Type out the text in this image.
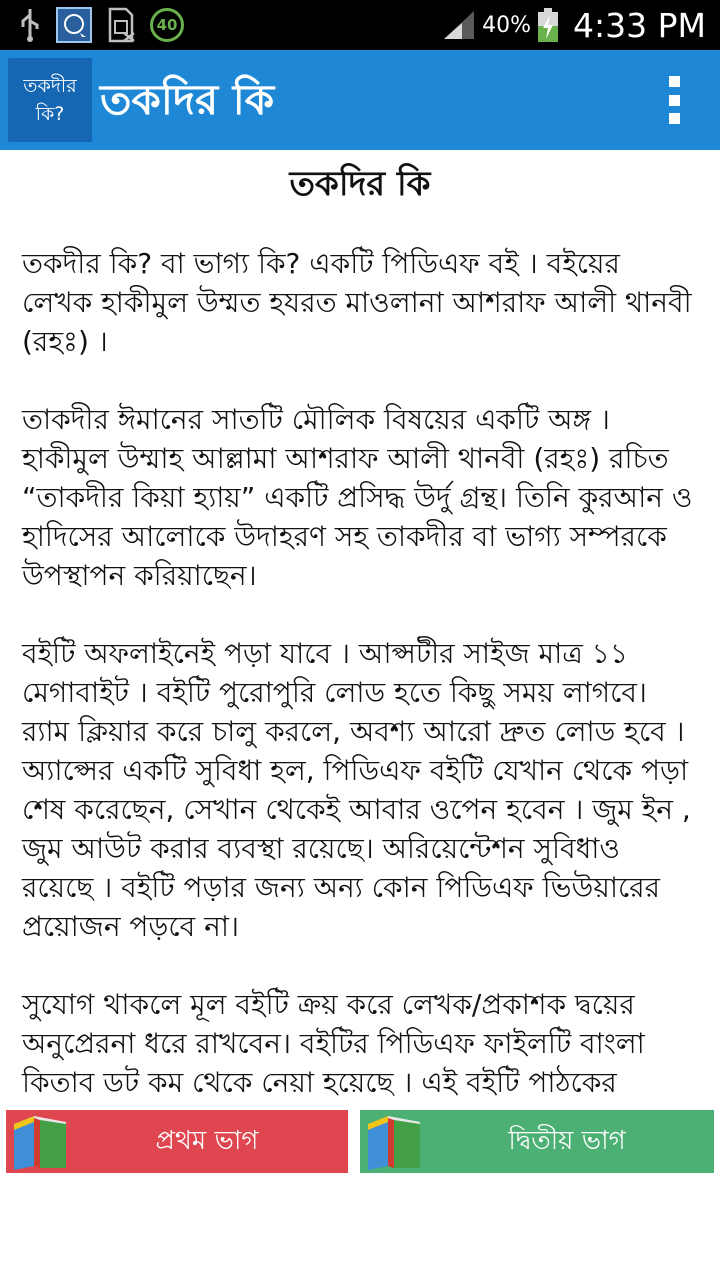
40	40% 4:33 PM
তকদীর
কি? তকদির কি
তকদির কি

তকদীর কি? বা ভাগ্য কি? একটি পিডিএফ বই । বইয়ের লেখক হাকীমুল উম্মত হযরত মাওলানা আশরাফ আলী থানবী (রহঃ) ।

তাকদীর ঈমানের সাতটি মৌলিক বিষয়ের একটি অঙ্গ । হাকীমুল উম্মাহ আল্লামা আশরাফ আলী থানবী (রহঃ) রচিত “তাকদীর কিয়া হ্যায়” একটি প্রসিদ্ধ উর্দু গ্রন্থ। তিনি কুরআন ও হাদিসের আলোকে উদাহরণ সহ তাকদীর বা ভাগ্য সম্পরকে উপস্থাপন করিয়াছেন।

বইটি অফলাইনেই পড়া যাবে । আপ্সটীর সাইজ মাত্র ১১ মেগাবাইট । বইটি পুরোপুরি লোড হতে কিছু সময় লাগবে। র‍্যাম ক্লিয়ার করে চালু করলে, অবশ্য আরো দ্রুত লোড হবে । অ্যাপ্সের একটি সুবিধা হল, পিডিএফ বইটি যেখান থেকে পড়া শেষ করেছেন, সেখান থেকেই আবার ওপেন হবেন । জুম ইন , জুম আউট করার ব্যবস্থা রয়েছে। অরিয়েন্টেশন সুবিধাও রয়েছে । বইটি পড়ার জন্য অন্য কোন পিডিএফ ভিউয়ারের প্রয়োজন পড়বে না।

সুযোগ থাকলে মূল বইটি ক্রয় করে লেখক/প্রকাশক দ্বয়ের অনুপ্রেরনা ধরে রাখবেন। বইটির পিডিএফ ফাইলটি বাংলা কিতাব ডট কম থেকে নেয়া হয়েছে । এই বইটি পাঠকের

প্রথম ভাগ	দ্বিতীয় ভাগ
